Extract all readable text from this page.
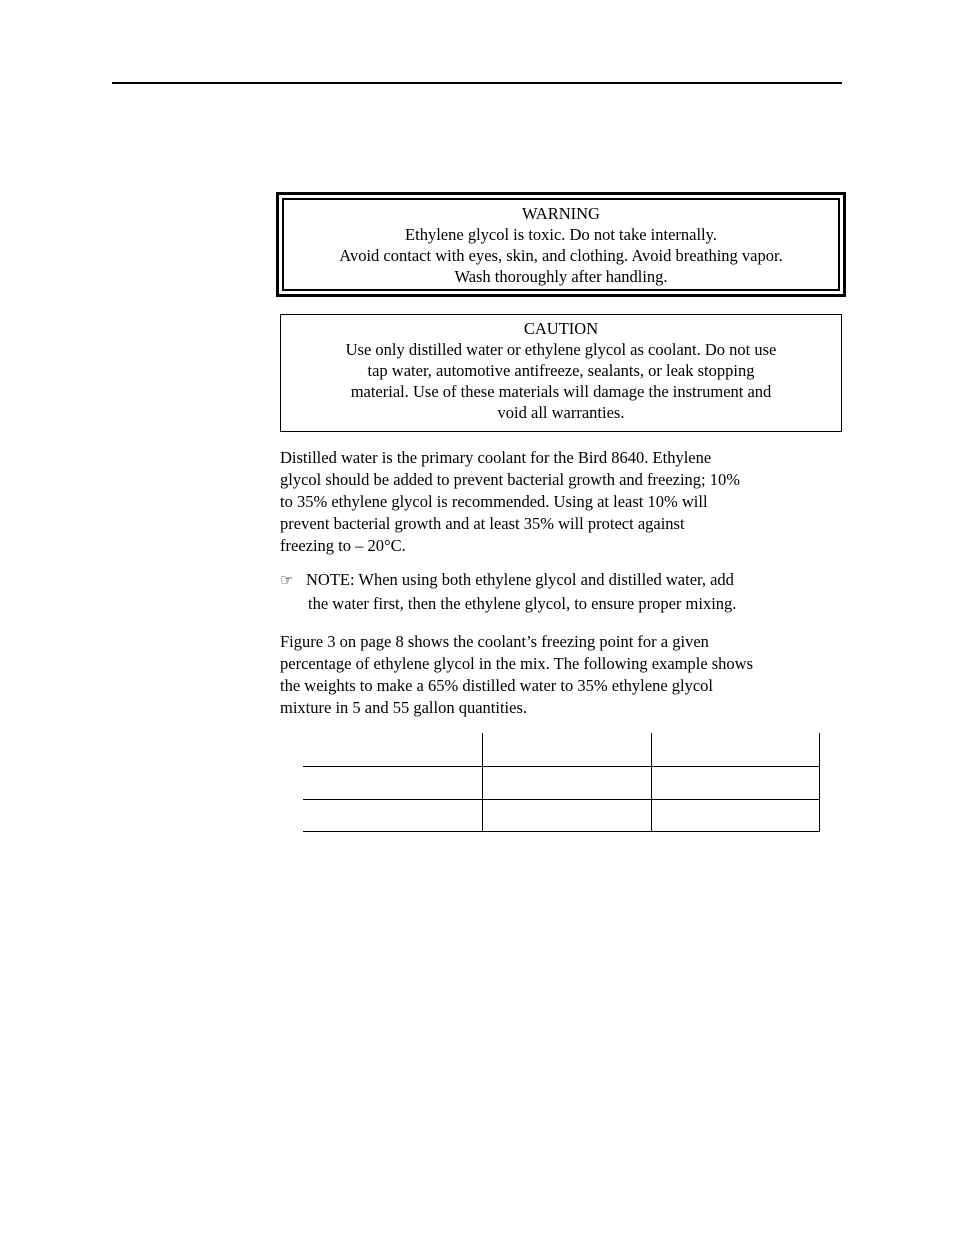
WARNING
Ethylene glycol is toxic. Do not take internally.
Avoid contact with eyes, skin, and clothing. Avoid breathing vapor.
Wash thoroughly after handling.
CAUTION
Use only distilled water or ethylene glycol as coolant. Do not use
tap water, automotive antifreeze, sealants, or leak stopping
material. Use of these materials will damage the instrument and
void all warranties.
Distilled water is the primary coolant for the Bird 8640. Ethylene
glycol should be added to prevent bacterial growth and freezing; 10%
to 35% ethylene glycol is recommended. Using at least 10% will
prevent bacterial growth and at least 35% will protect against
freezing to – 20°C.
☞ NOTE: When using both ethylene glycol and distilled water, add
the water first, then the ethylene glycol, to ensure proper mixing.
Figure 3 on page 8 shows the coolant’s freezing point for a given
percentage of ethylene glycol in the mix. The following example shows
the weights to make a 65% distilled water to 35% ethylene glycol
mixture in 5 and 55 gallon quantities.
